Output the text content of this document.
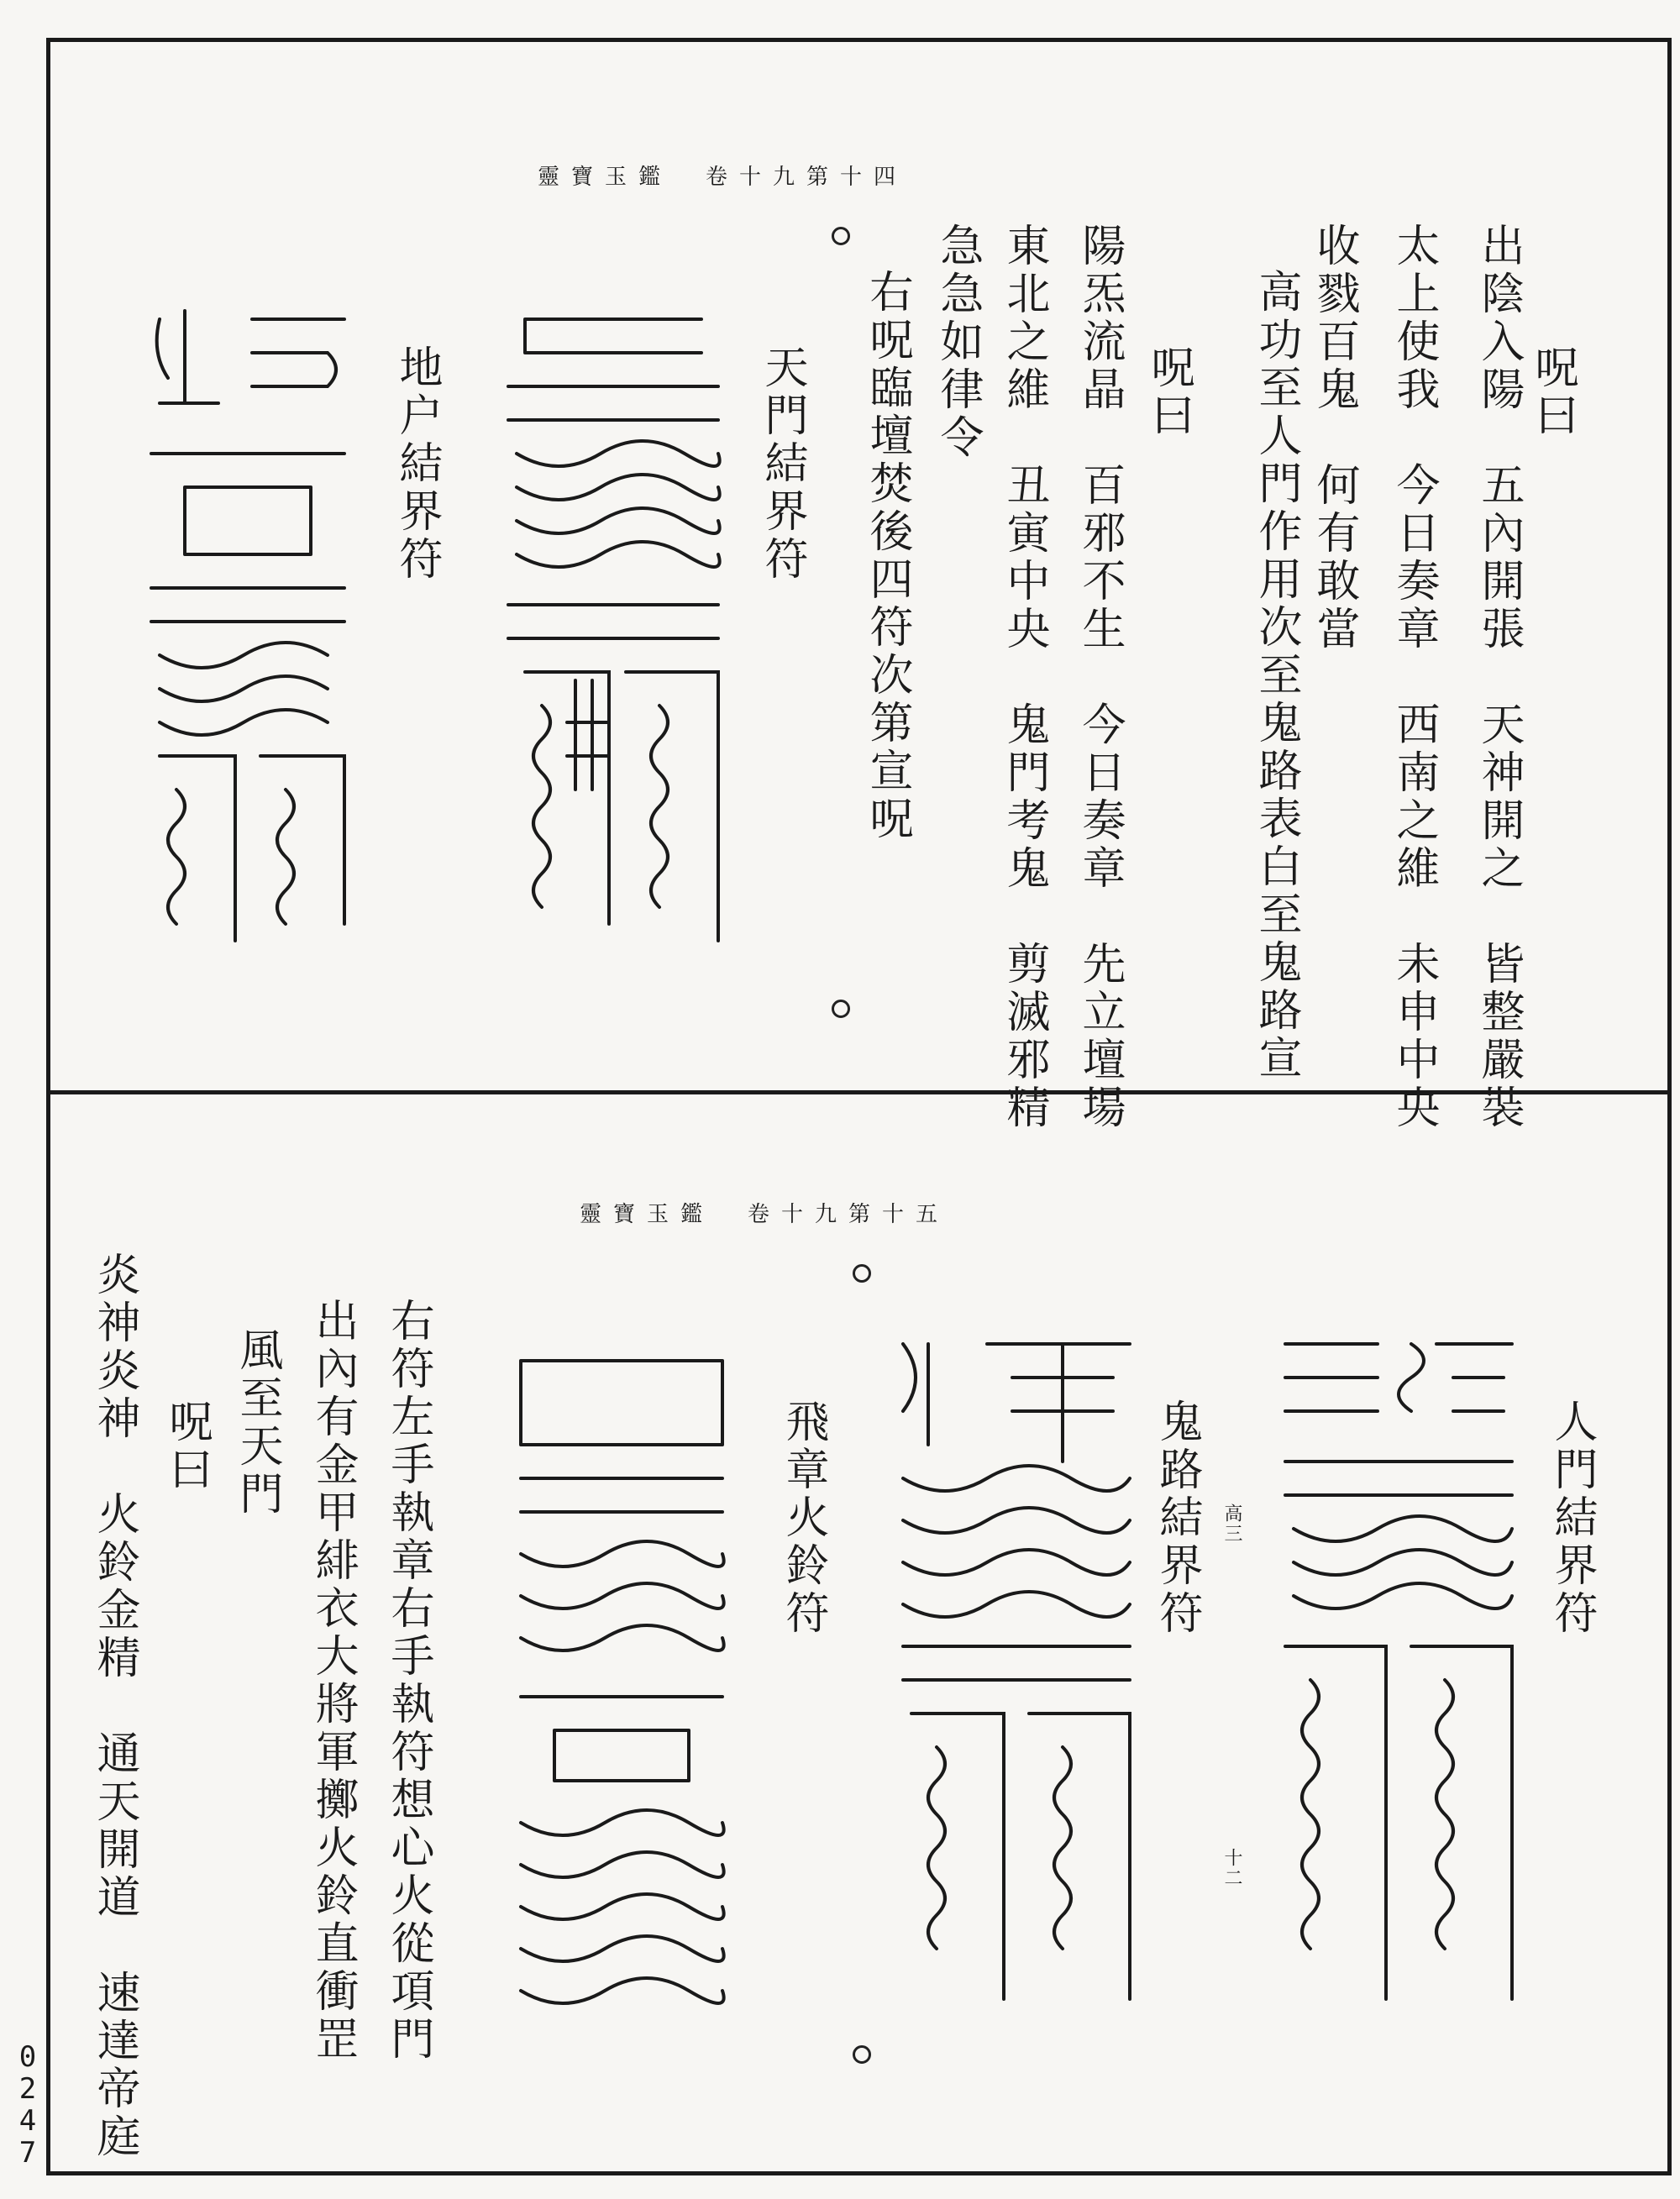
靈寶玉鑑　卷十九第十四
呪曰
出陰入陽　五內開張　天神開之　皆整嚴裝
太上使我　今日奏章　西南之維　未申中央
收戮百鬼　何有敢當
高功至人門作用次至鬼路表白至鬼路宣
呪曰
陽炁流晶　百邪不生　今日奏章　先立壇場
東北之維　丑寅中央　鬼門考鬼　剪滅邪精
急急如律令
右呪臨壇焚後四符次第宣呪
天門結界符
地户結界符
靈寶玉鑑　卷十九第十五
人門結界符
鬼路結界符 高三
十二
飛章火鈴符
右符左手執章右手執符想心火從項門
出內有金甲緋衣大將軍擲火鈴直衝罡
風至天門
呪曰
炎神炎神　火鈴金精　通天開道　速達帝庭
0247
